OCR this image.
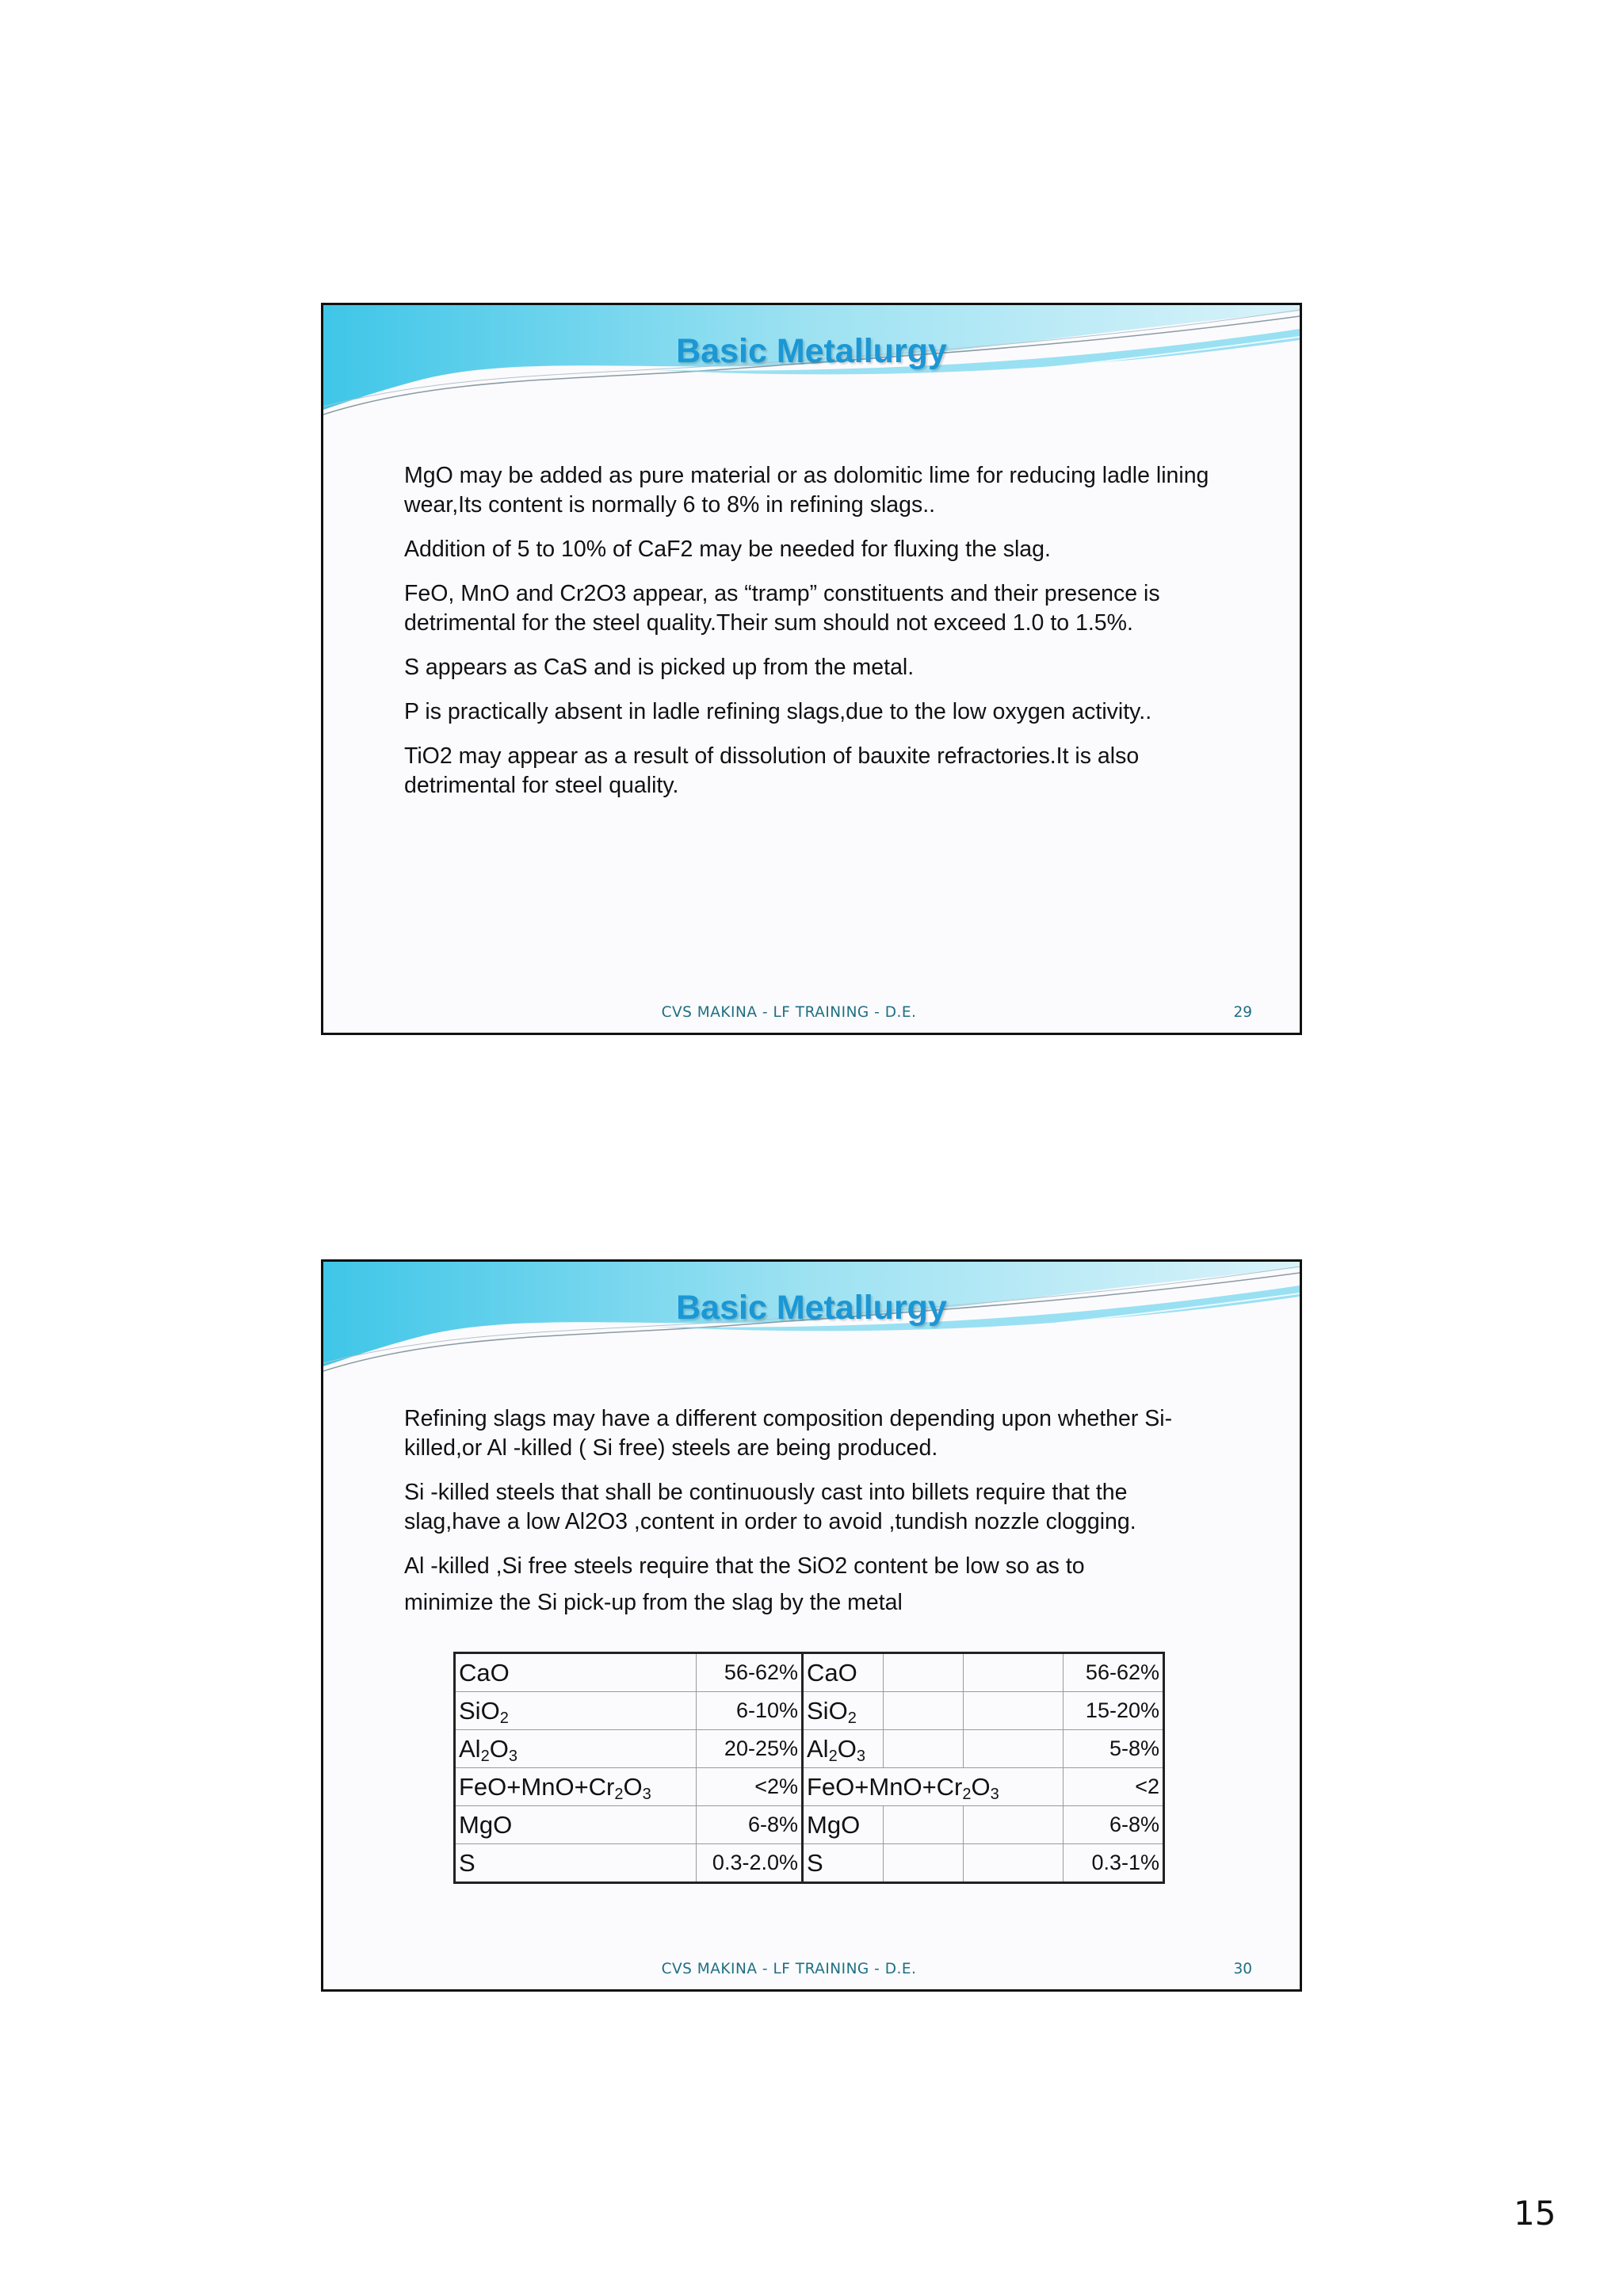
Basic Metallurgy

MgO may be added as pure material or as dolomitic lime for reducing ladle lining wear,Its content is normally 6 to 8% in refining slags..

Addition of 5 to 10% of CaF2 may be needed for fluxing the slag.

FeO, MnO and Cr2O3 appear, as “tramp” constituents and their presence is detrimental for the steel quality.Their sum should not exceed 1.0 to 1.5%.

S appears as CaS and is picked up from the metal.

P is practically absent in ladle refining slags,due to the low oxygen activity..

TiO2 may appear as a result of dissolution of bauxite refractories.It is also detrimental for steel quality.

CVS MAKINA - LF TRAINING - D.E.	29
Basic Metallurgy

Refining slags may have a different composition depending upon whether Si-killed,or Al -killed ( Si free) steels are being produced.

Si -killed steels that shall be continuously cast into billets require that the slag,have a low Al2O3 ,content in order to avoid ,tundish nozzle clogging.

Al -killed ,Si free steels require that the SiO2 content be low so as to

minimize the Si pick-up from the slag by the metal

CaO	56-62%	CaO			56-62%
SiO$_2$	6-10%	SiO$_2$			15-20%
$Al_2O_3$	20-25%	$Al_2O_3$			5-8%
$FeO+MnO+Cr_2O_3$	<2%	$FeO+MnO+Cr_2O_3$			<2
MgO	6-8%	MgO			6-8%
S	0.3-2.0%	S			0.3-1%
CVS MAKINA - LF TRAINING - D.E.	30
15
